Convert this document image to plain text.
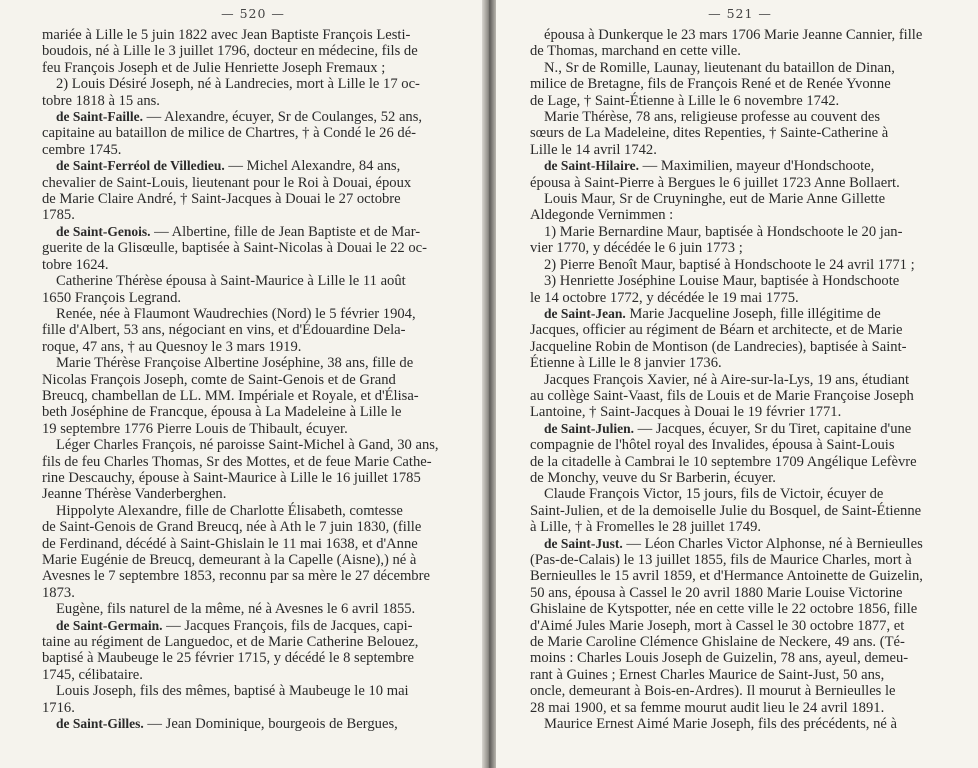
— 520 —

mariée à Lille le 5 juin 1822 avec Jean Baptiste François Lesti-
boudois, né à Lille le 3 juillet 1796, docteur en médecine, fils de
feu François Joseph et de Julie Henriette Joseph Fremaux ;

2) Louis Désiré Joseph, né à Landrecies, mort à Lille le 17 oc-
tobre 1818 à 15 ans.

de Saint-Faille. — Alexandre, écuyer, Sr de Coulanges, 52 ans,
capitaine au bataillon de milice de Chartres, † à Condé le 26 dé-
cembre 1745.

de Saint-Ferréol de Villedieu. — Michel Alexandre, 84 ans,
chevalier de Saint-Louis, lieutenant pour le Roi à Douai, époux
de Marie Claire André, † Saint-Jacques à Douai le 27 octobre
1785.

de Saint-Genois. — Albertine, fille de Jean Baptiste et de Mar-
guerite de la Glisœulle, baptisée à Saint-Nicolas à Douai le 22 oc-
tobre 1624.

Catherine Thérèse épousa à Saint-Maurice à Lille le 11 août
1650 François Legrand.

Renée, née à Flaumont Waudrechies (Nord) le 5 février 1904,
fille d'Albert, 53 ans, négociant en vins, et d'Édouardine Dela-
roque, 47 ans, † au Quesnoy le 3 mars 1919.

Marie Thérèse Françoise Albertine Joséphine, 38 ans, fille de
Nicolas François Joseph, comte de Saint-Genois et de Grand
Breucq, chambellan de LL. MM. Impériale et Royale, et d'Élisa-
beth Joséphine de Francque, épousa à La Madeleine à Lille le
19 septembre 1776 Pierre Louis de Thibault, écuyer.

Léger Charles François, né paroisse Saint-Michel à Gand, 30 ans,
fils de feu Charles Thomas, Sr des Mottes, et de feue Marie Cathe-
rine Descauchy, épouse à Saint-Maurice à Lille le 16 juillet 1785
Jeanne Thérèse Vanderberghen.

Hippolyte Alexandre, fille de Charlotte Élisabeth, comtesse
de Saint-Genois de Grand Breucq, née à Ath le 7 juin 1830, (fille
de Ferdinand, décédé à Saint-Ghislain le 11 mai 1638, et d'Anne
Marie Eugénie de Breucq, demeurant à la Capelle (Aisne),) né à
Avesnes le 7 septembre 1853, reconnu par sa mère le 27 décembre
1873.

Eugène, fils naturel de la même, né à Avesnes le 6 avril 1855.

de Saint-Germain. — Jacques François, fils de Jacques, capi-
taine au régiment de Languedoc, et de Marie Catherine Belouez,
baptisé à Maubeuge le 25 février 1715, y décédé le 8 septembre
1745, célibataire.

Louis Joseph, fils des mêmes, baptisé à Maubeuge le 10 mai
1716.

de Saint-Gilles. — Jean Dominique, bourgeois de Bergues,

— 521 —

épousa à Dunkerque le 23 mars 1706 Marie Jeanne Cannier, fille
de Thomas, marchand en cette ville.

N., Sr de Romille, Launay, lieutenant du bataillon de Dinan,
milice de Bretagne, fils de François René et de Renée Yvonne
de Lage, † Saint-Étienne à Lille le 6 novembre 1742.

Marie Thérèse, 78 ans, religieuse professe au couvent des
sœurs de La Madeleine, dites Repenties, † Sainte-Catherine à
Lille le 14 avril 1742.

de Saint-Hilaire. — Maximilien, mayeur d'Hondschoote,
épousa à Saint-Pierre à Bergues le 6 juillet 1723 Anne Bollaert.

Louis Maur, Sr de Cruyninghe, eut de Marie Anne Gillette
Aldegonde Vernimmen :

1) Marie Bernardine Maur, baptisée à Hondschoote le 20 jan-
vier 1770, y décédée le 6 juin 1773 ;

2) Pierre Benoît Maur, baptisé à Hondschoote le 24 avril 1771 ;

3) Henriette Joséphine Louise Maur, baptisée à Hondschoote
le 14 octobre 1772, y décédée le 19 mai 1775.

de Saint-Jean. Marie Jacqueline Joseph, fille illégitime de
Jacques, officier au régiment de Béarn et architecte, et de Marie
Jacqueline Robin de Montison (de Landrecies), baptisée à Saint-
Étienne à Lille le 8 janvier 1736.

Jacques François Xavier, né à Aire-sur-la-Lys, 19 ans, étudiant
au collège Saint-Vaast, fils de Louis et de Marie Françoise Joseph
Lantoine, † Saint-Jacques à Douai le 19 février 1771.

de Saint-Julien. — Jacques, écuyer, Sr du Tiret, capitaine d'une
compagnie de l'hôtel royal des Invalides, épousa à Saint-Louis
de la citadelle à Cambrai le 10 septembre 1709 Angélique Lefèvre
de Monchy, veuve du Sr Barberin, écuyer.

Claude François Victor, 15 jours, fils de Victoir, écuyer de
Saint-Julien, et de la demoiselle Julie du Bosquel, de Saint-Étienne
à Lille, † à Fromelles le 28 juillet 1749.

de Saint-Just. — Léon Charles Victor Alphonse, né à Bernieulles
(Pas-de-Calais) le 13 juillet 1855, fils de Maurice Charles, mort à
Bernieulles le 15 avril 1859, et d'Hermance Antoinette de Guizelin,
50 ans, épousa à Cassel le 20 avril 1880 Marie Louise Victorine
Ghislaine de Kytspotter, née en cette ville le 22 octobre 1856, fille
d'Aimé Jules Marie Joseph, mort à Cassel le 30 octobre 1877, et
de Marie Caroline Clémence Ghislaine de Neckere, 49 ans. (Té-
moins : Charles Louis Joseph de Guizelin, 78 ans, ayeul, demeu-
rant à Guines ; Ernest Charles Maurice de Saint-Just, 50 ans,
oncle, demeurant à Bois-en-Ardres). Il mourut à Bernieulles le
28 mai 1900, et sa femme mourut audit lieu le 24 avril 1891.

Maurice Ernest Aimé Marie Joseph, fils des précédents, né à
